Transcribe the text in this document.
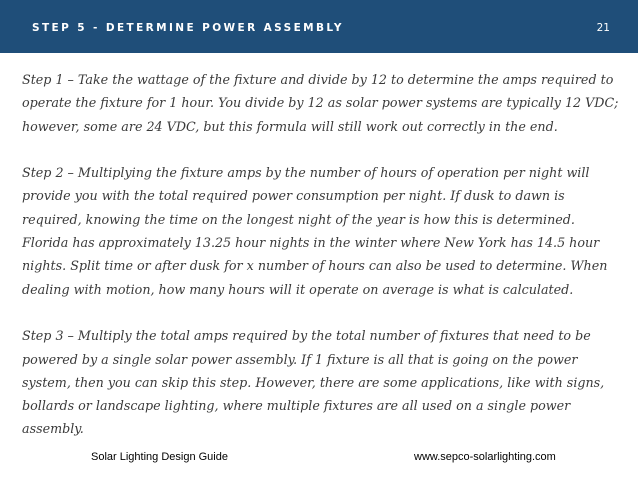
STEP 5 - DETERMINE POWER ASSEMBLY	21

Step 1 – Take the wattage of the fixture and divide by 12 to determine the amps required to operate the fixture for 1 hour. You divide by 12 as solar power systems are typically 12 VDC; however, some are 24 VDC, but this formula will still work out correctly in the end.

Step 2 – Multiplying the fixture amps by the number of hours of operation per night will provide you with the total required power consumption per night. If dusk to dawn is required, knowing the time on the longest night of the year is how this is determined. Florida has approximately 13.25 hour nights in the winter where New York has 14.5 hour nights. Split time or after dusk for x number of hours can also be used to determine. When dealing with motion, how many hours will it operate on average is what is calculated.

Step 3 – Multiply the total amps required by the total number of fixtures that need to be powered by a single solar power assembly. If 1 fixture is all that is going on the power system, then you can skip this step. However, there are some applications, like with signs, bollards or landscape lighting, where multiple fixtures are all used on a single power assembly.

Solar Lighting Design Guide	www.sepco-solarlighting.com
